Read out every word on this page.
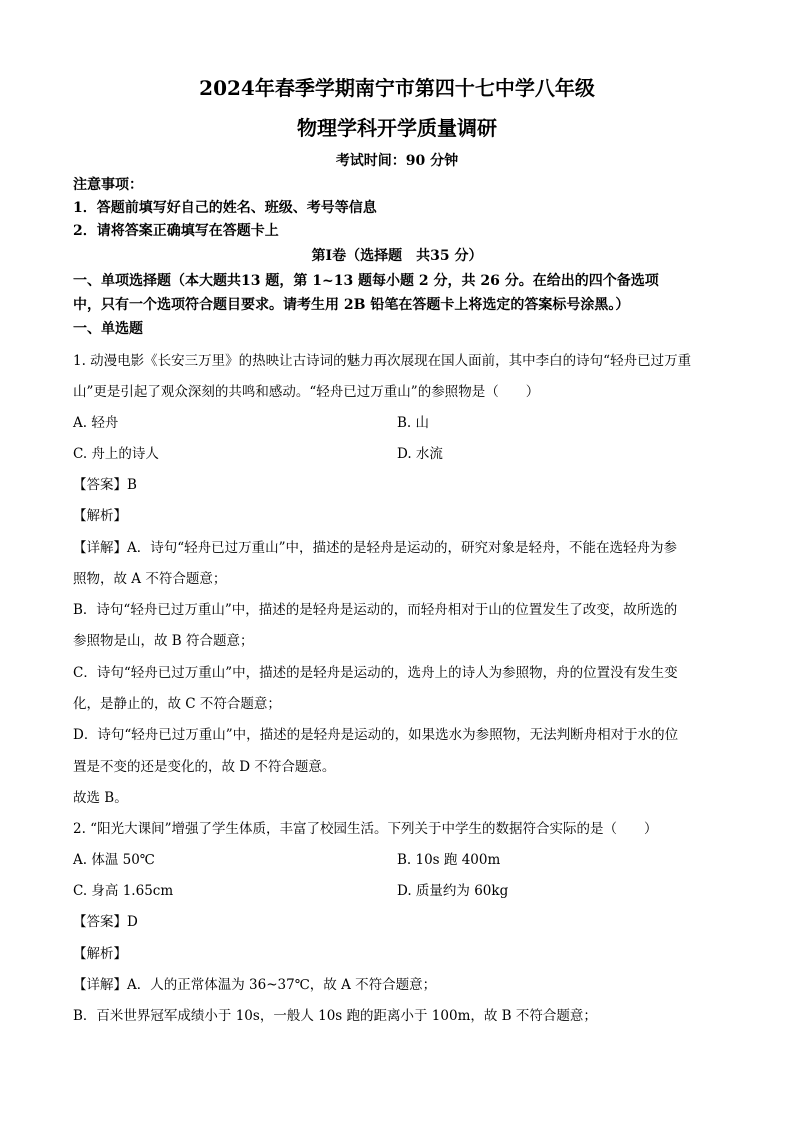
2024年春季学期南宁市第四十七中学八年级
物理学科开学质量调研
考试时间：90 分钟
注意事项：
1．答题前填写好自己的姓名、班级、考号等信息
2．请将答案正确填写在答题卡上
第Ⅰ卷（选择题　共35 分）
一、单项选择题（本大题共13 题，第 1~13 题每小题 2 分，共 26 分。在给出的四个备选项
中，只有一个选项符合题目要求。请考生用 2B 铅笔在答题卡上将选定的答案标号涂黑。）
一、单选题
1. 动漫电影《长安三万里》的热映让古诗词的魅力再次展现在国人面前，其中李白的诗句“轻舟已过万重
山”更是引起了观众深刻的共鸣和感动。“轻舟已过万重山”的参照物是（　　）
A. 轻舟	B. 山
C. 舟上的诗人	D. 水流
【答案】B
【解析】
【详解】A．诗句“轻舟已过万重山”中，描述的是轻舟是运动的，研究对象是轻舟，不能在选轻舟为参
照物，故 A 不符合题意；
B．诗句“轻舟已过万重山”中，描述的是轻舟是运动的，而轻舟相对于山的位置发生了改变，故所选的
参照物是山，故 B 符合题意；
C．诗句“轻舟已过万重山”中，描述的是轻舟是运动的，选舟上的诗人为参照物，舟的位置没有发生变
化，是静止的，故 C 不符合题意；
D．诗句“轻舟已过万重山”中，描述的是轻舟是运动的，如果选水为参照物，无法判断舟相对于水的位
置是不变的还是变化的，故 D 不符合题意。
故选 B。
2. “阳光大课间”增强了学生体质，丰富了校园生活。下列关于中学生的数据符合实际的是（　　）
A. 体温 50℃	B. 10s 跑 400m
C. 身高 1.65cm	D. 质量约为 60kg
【答案】D
【解析】
【详解】A．人的正常体温为 36~37℃，故 A 不符合题意；
B．百米世界冠军成绩小于 10s，一般人 10s 跑的距离小于 100m，故 B 不符合题意；
